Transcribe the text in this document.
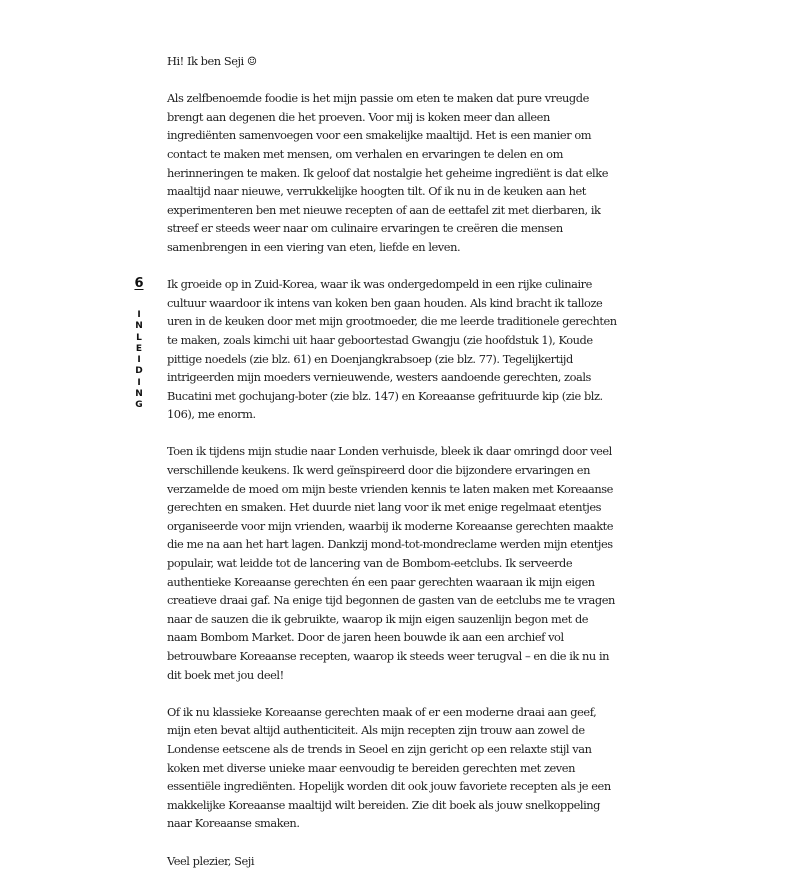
6
I
N
L
E
I
D
I
N
G

Hi! Ik ben Seji ☺

Als zelfbenoemde foodie is het mijn passie om eten te maken dat pure vreugde brengt aan degenen die het proeven. Voor mij is koken meer dan alleen ingrediënten samenvoegen voor een smakelijke maaltijd. Het is een manier om contact te maken met mensen, om verhalen en ervaringen te delen en om herinneringen te maken. Ik geloof dat nostalgie het geheime ingrediënt is dat elke maaltijd naar nieuwe, verrukkelijke hoogten tilt. Of ik nu in de keuken aan het experimenteren ben met nieuwe recepten of aan de eettafel zit met dierbaren, ik streef er steeds weer naar om culinaire ervaringen te creëren die mensen samenbrengen in een viering van eten, liefde en leven.

Ik groeide op in Zuid-Korea, waar ik was ondergedompeld in een rijke culinaire cultuur waardoor ik intens van koken ben gaan houden. Als kind bracht ik talloze uren in de keuken door met mijn grootmoeder, die me leerde traditionele gerechten te maken, zoals kimchi uit haar geboortestad Gwangju (zie hoofdstuk 1), Koude pittige noedels (zie blz. 61) en Doenjangkrabsoep (zie blz. 77). Tegelijkertijd intrigeerden mijn moeders vernieuwende, westers aandoende gerechten, zoals Bucatini met gochujang-boter (zie blz. 147) en Koreaanse gefrituurde kip (zie blz. 106), me enorm.

Toen ik tijdens mijn studie naar Londen verhuisde, bleek ik daar omringd door veel verschillende keukens. Ik werd geïnspireerd door die bijzondere ervaringen en verzamelde de moed om mijn beste vrienden kennis te laten maken met Koreaanse gerechten en smaken. Het duurde niet lang voor ik met enige regelmaat etentjes organiseerde voor mijn vrienden, waarbij ik moderne Koreaanse gerechten maakte die me na aan het hart lagen. Dankzij mond-tot-mondreclame werden mijn etentjes populair, wat leidde tot de lancering van de Bombom-eetclubs. Ik serveerde authentieke Koreaanse gerechten én een paar gerechten waaraan ik mijn eigen creatieve draai gaf. Na enige tijd begonnen de gasten van de eetclubs me te vragen naar de sauzen die ik gebruikte, waarop ik mijn eigen sauzenlijn begon met de naam Bombom Market. Door de jaren heen bouwde ik aan een archief vol betrouwbare Koreaanse recepten, waarop ik steeds weer terugval – en die ik nu in dit boek met jou deel!

Of ik nu klassieke Koreaanse gerechten maak of er een moderne draai aan geef, mijn eten bevat altijd authenticiteit. Als mijn recepten zijn trouw aan zowel de Londense eetscene als de trends in Seoel en zijn gericht op een relaxte stijl van koken met diverse unieke maar eenvoudig te bereiden gerechten met zeven essentiële ingrediënten. Hopelijk worden dit ook jouw favoriete recepten als je een makkelijke Koreaanse maaltijd wilt bereiden. Zie dit boek als jouw snelkoppeling naar Koreaanse smaken.

Veel plezier, Seji
